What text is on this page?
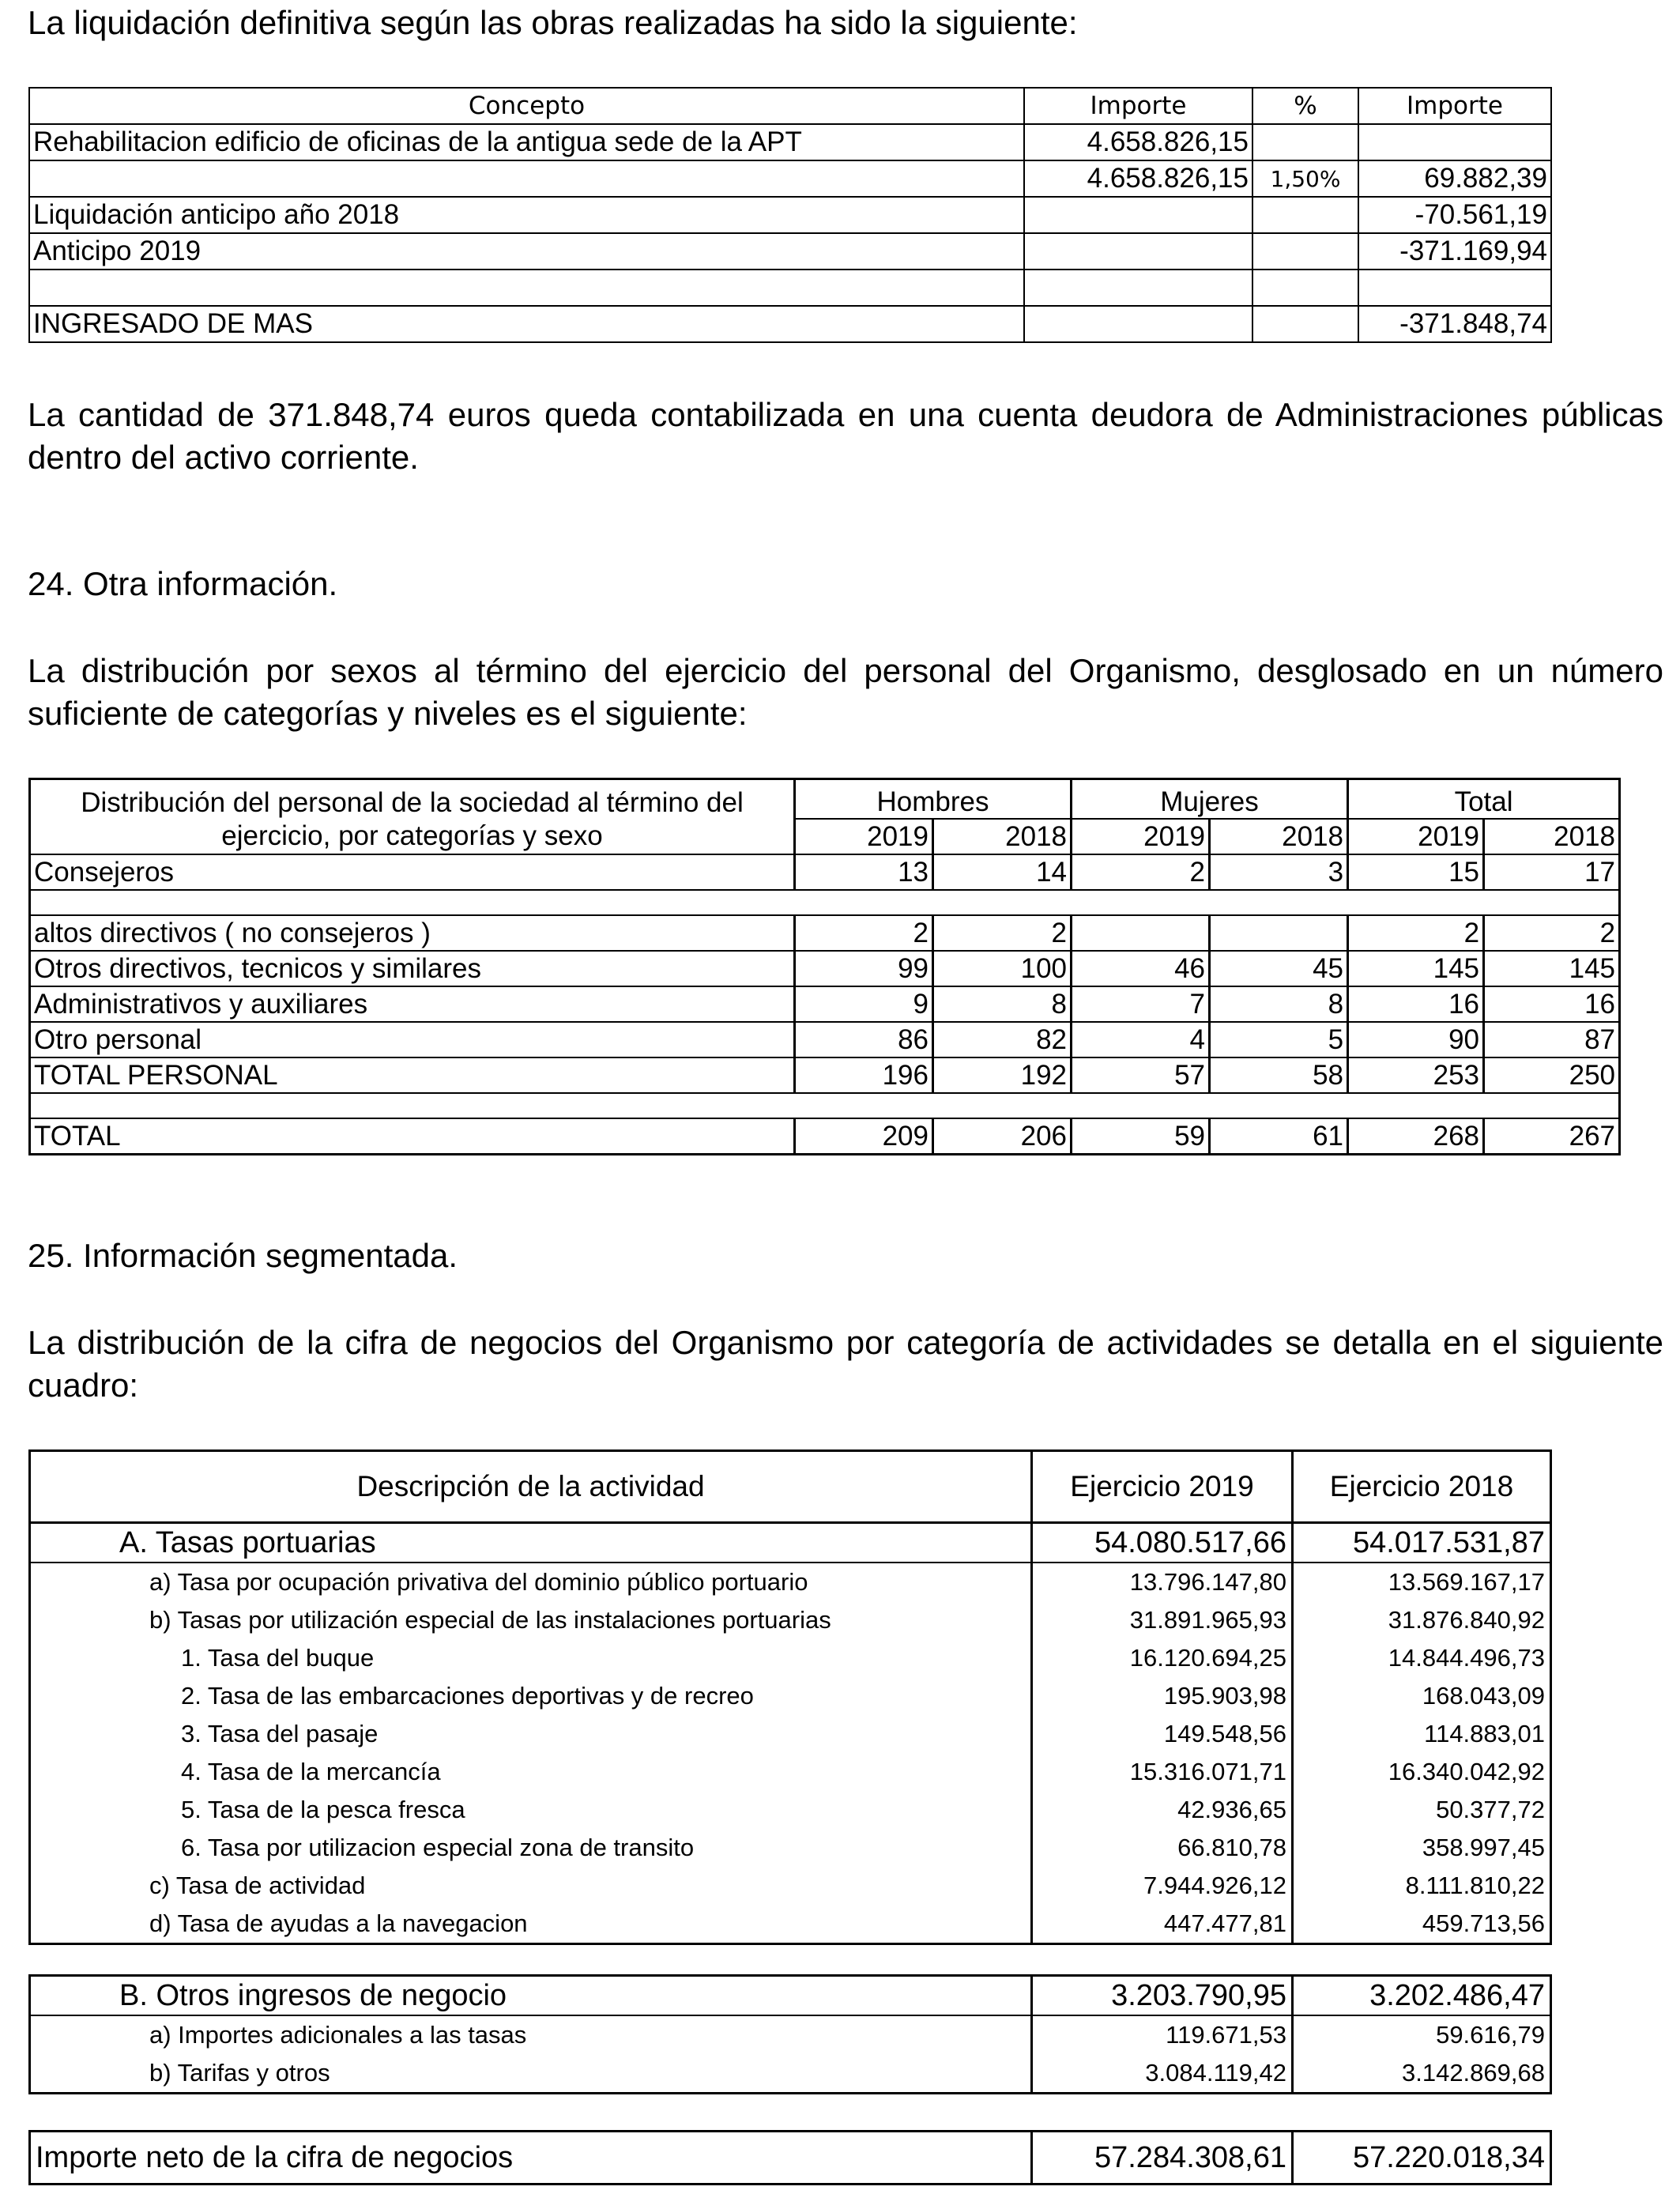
La liquidación definitiva según las obras realizadas ha sido la siguiente:
Concepto	Importe	%	Importe
Rehabilitacion edificio de oficinas de la antigua sede de la APT	4.658.826,15		
	4.658.826,15	1,50%	69.882,39
Liquidación anticipo año 2018			-70.561,19
Anticipo 2019			-371.169,94

INGRESADO DE MAS			-371.848,74
La cantidad de 371.848,74 euros queda contabilizada en una cuenta deudora de Administraciones públicas dentro del activo corriente.
24. Otra información.
La distribución por sexos al término del ejercicio del personal del Organismo, desglosado en un número suficiente de categorías y niveles es el siguiente:
Distribución del personal de la sociedad al término del	Hombres		Mujeres		Total	
ejercicio, por categorías y sexo	2019	2018	2019	2018	2019	2018
Consejeros	13	14	2	3	15	17

altos directivos ( no consejeros )	2	2			2	2
Otros directivos, tecnicos y similares	99	100	46	45	145	145
Administrativos y auxiliares	9	8	7	8	16	16
Otro personal	86	82	4	5	90	87
TOTAL PERSONAL	196	192	57	58	253	250

TOTAL	209	206	59	61	268	267
25. Información segmentada.
La distribución de la cifra de negocios del Organismo por categoría de actividades se detalla en el siguiente cuadro:
Descripción de la actividad	Ejercicio 2019	Ejercicio 2018
A. Tasas portuarias	54.080.517,66	54.017.531,87
a) Tasa por ocupación privativa del dominio público portuario	13.796.147,80	13.569.167,17
b) Tasas por utilización especial de las instalaciones portuarias	31.891.965,93	31.876.840,92
1. Tasa del buque	16.120.694,25	14.844.496,73
2. Tasa de las embarcaciones deportivas y de recreo	195.903,98	168.043,09
3. Tasa del pasaje	149.548,56	114.883,01
4. Tasa de la mercancía	15.316.071,71	16.340.042,92
5. Tasa de la pesca fresca	42.936,65	50.377,72
6. Tasa por utilizacion especial zona de transito	66.810,78	358.997,45
c) Tasa de actividad	7.944.926,12	8.111.810,22
d) Tasa de ayudas a la navegacion	447.477,81	459.713,56
B. Otros ingresos de negocio	3.203.790,95	3.202.486,47
a) Importes adicionales a las tasas	119.671,53	59.616,79
b) Tarifas y otros	3.084.119,42	3.142.869,68
Importe neto de la cifra de negocios	57.284.308,61	57.220.018,34
